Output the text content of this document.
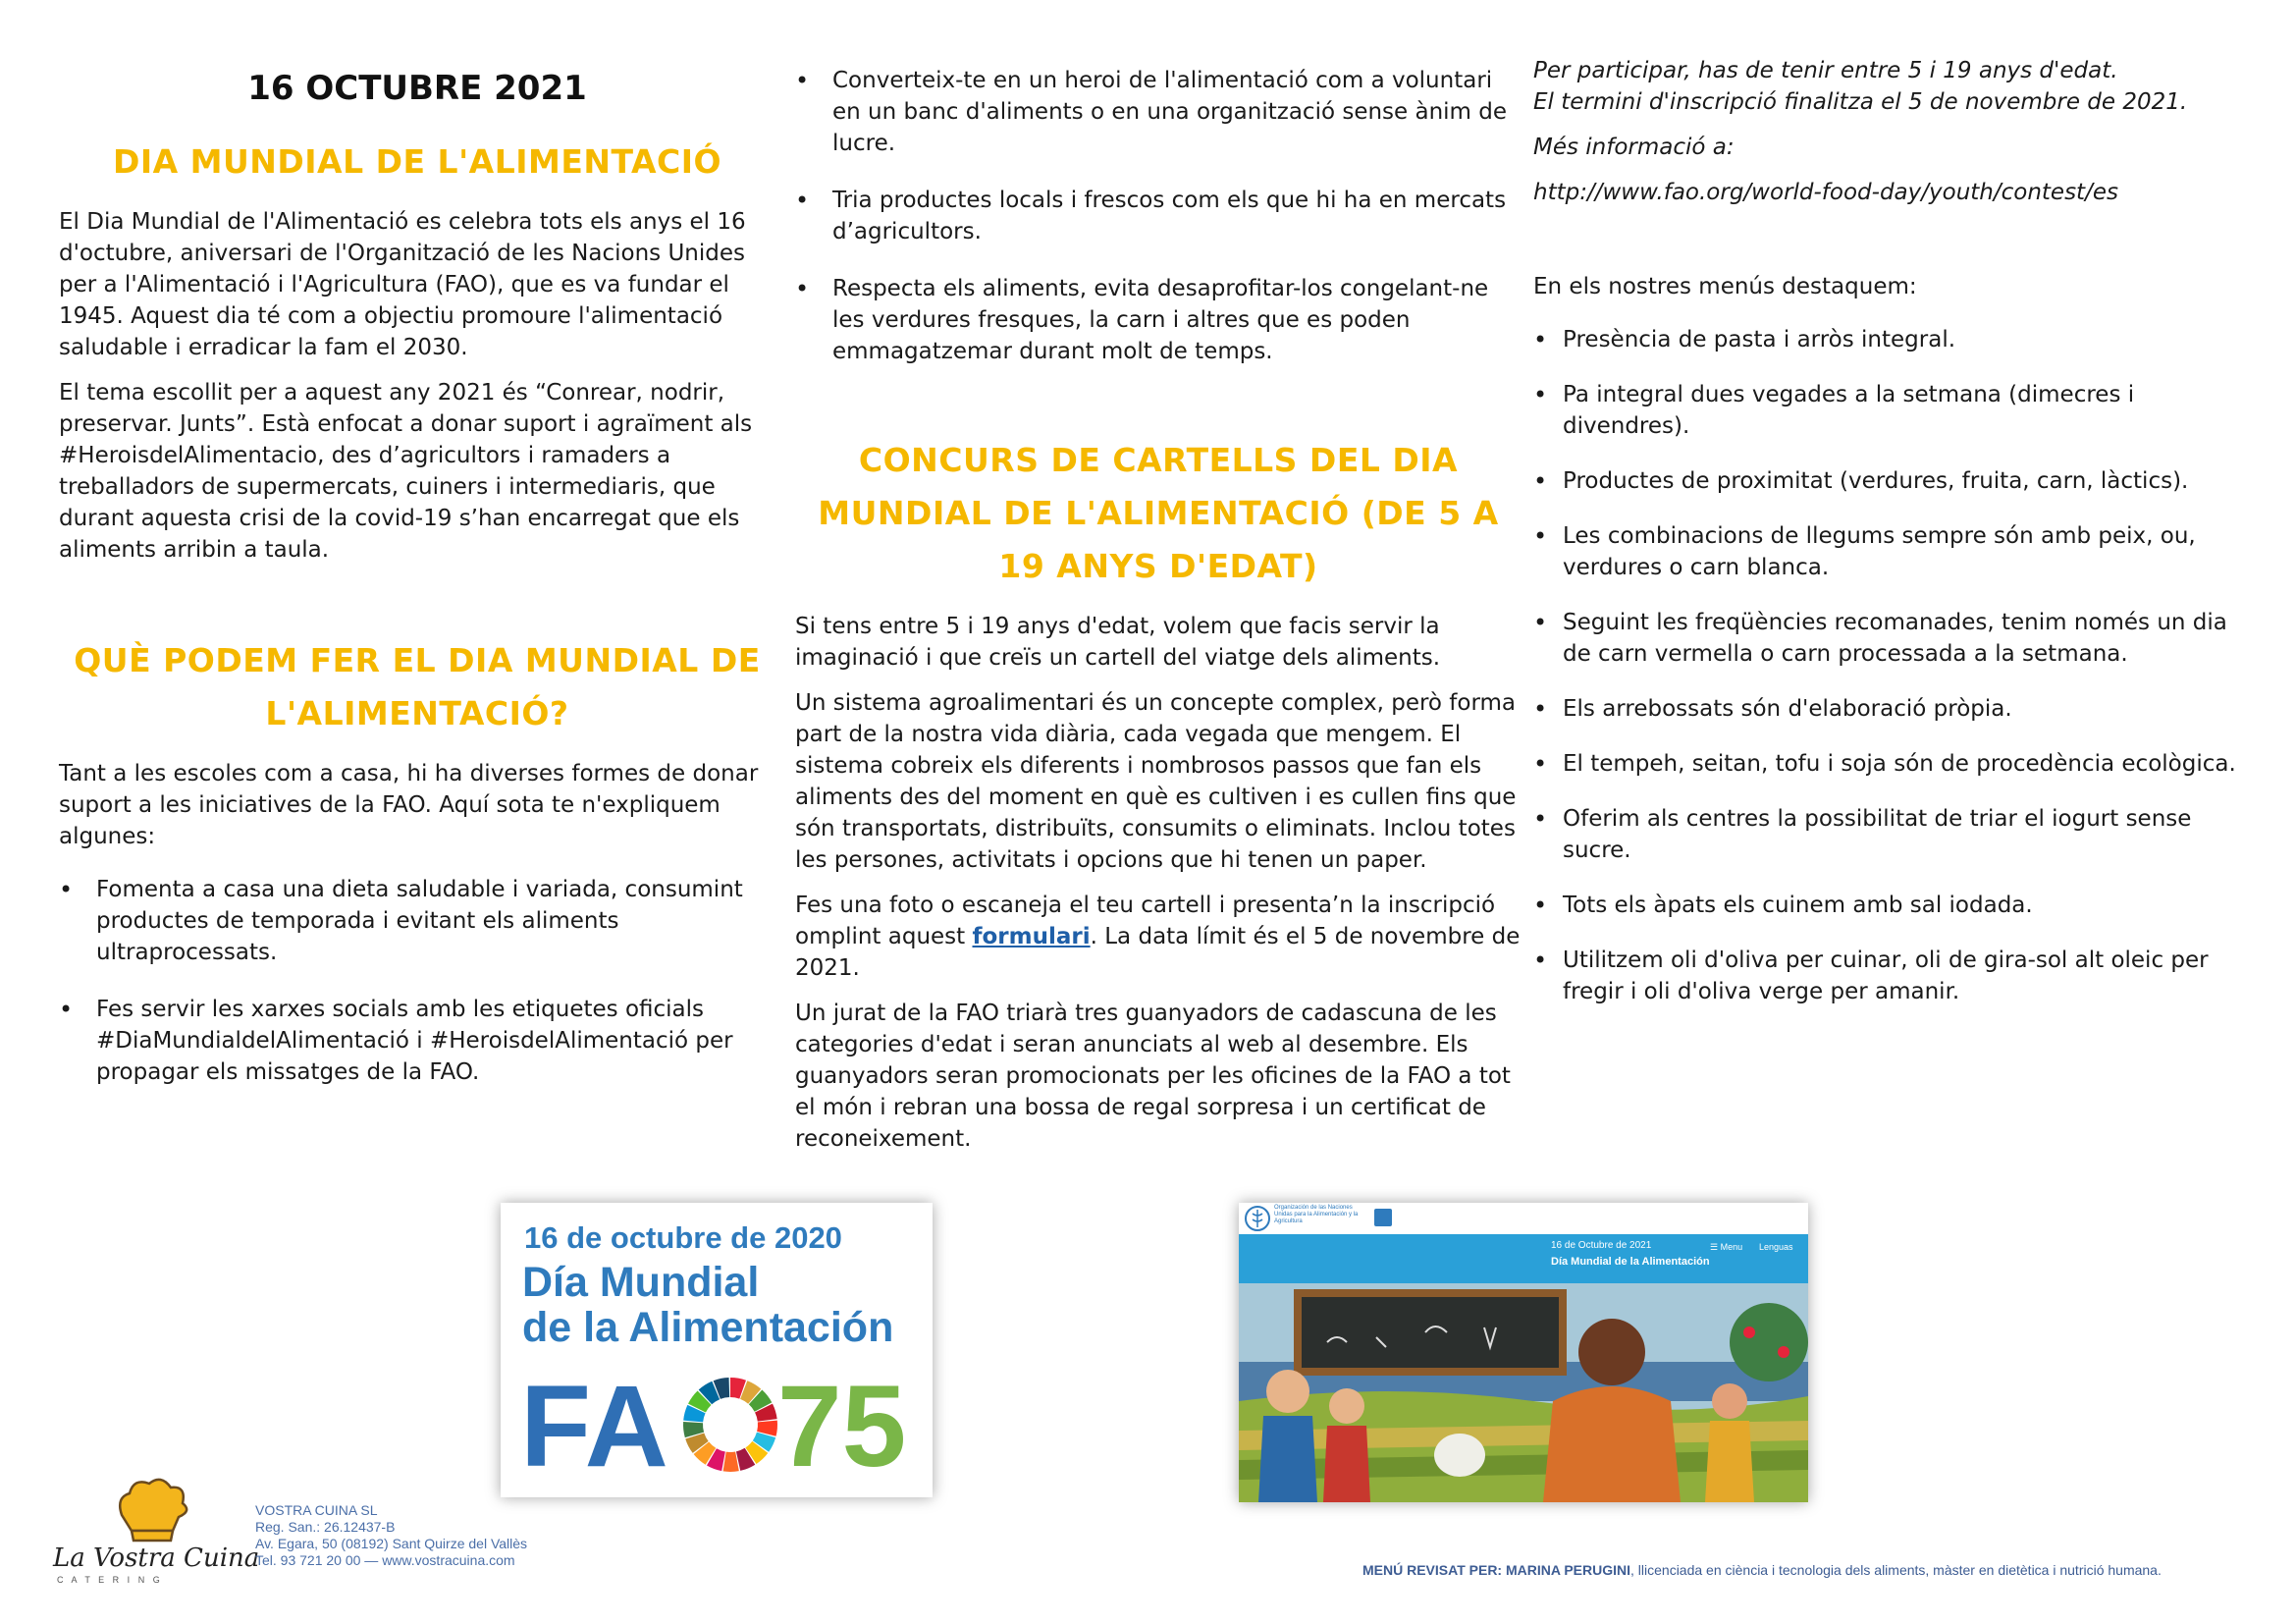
16 OCTUBRE 2021
DIA MUNDIAL DE L'ALIMENTACIÓ

El Dia Mundial de l'Alimentació es celebra tots els anys el 16 d'octubre, aniversari de l'Organització de les Nacions Unides per a l'Alimentació i l'Agricultura (FAO), que es va fundar el 1945. Aquest dia té com a objectiu promoure l'alimentació saludable i erradicar la fam el 2030.

El tema escollit per a aquest any 2021 és “Conrear, nodrir, preservar. Junts”. Està enfocat a donar suport i agraïment als #HeroisdelAlimentacio, des d’agricultors i ramaders a treballadors de supermercats, cuiners i intermediaris, que durant aquesta crisi de la covid-19 s’han encarregat que els aliments arribin a taula.

QUÈ PODEM FER EL DIA MUNDIAL DE L'ALIMENTACIÓ?

Tant a les escoles com a casa, hi ha diverses formes de donar suport a les iniciatives de la FAO. Aquí sota te n'expliquem algunes:

• Fomenta a casa una dieta saludable i variada, consumint productes de temporada i evitant els aliments ultraprocessats.
• Fes servir les xarxes socials amb les etiquetes oficials #DiaMundialdelAlimentació i #HeroisdelAlimentació per propagar els missatges de la FAO.
• Converteix-te en un heroi de l'alimentació com a voluntari en un banc d'aliments o en una organització sense ànim de lucre.
• Tria productes locals i frescos com els que hi ha en mercats d’agricultors.
• Respecta els aliments, evita desaprofitar-los congelant-ne les verdures fresques, la carn i altres que es poden emmagatzemar durant molt de temps.
CONCURS DE CARTELLS DEL DIA MUNDIAL DE L'ALIMENTACIÓ (DE 5 A 19 ANYS D'EDAT)

Si tens entre 5 i 19 anys d'edat, volem que facis servir la imaginació i que creïs un cartell del viatge dels aliments.

Un sistema agroalimentari és un concepte complex, però forma part de la nostra vida diària, cada vegada que mengem. El sistema cobreix els diferents i nombrosos passos que fan els aliments des del moment en què es cultiven i es cullen fins que són transportats, distribuïts, consumits o eliminats. Inclou totes les persones, activitats i opcions que hi tenen un paper.

Fes una foto o escaneja el teu cartell i presenta’n la inscripció omplint aquest formulari. La data límit és el 5 de novembre de 2021.

Un jurat de la FAO triarà tres guanyadors de cadascuna de les categories d'edat i seran anunciats al web al desembre. Els guanyadors seran promocionats per les oficines de la FAO a tot el món i rebran una bossa de regal sorpresa i un certificat de reconeixement.

Per participar, has de tenir entre 5 i 19 anys d'edat.
El termini d'inscripció finalitza el 5 de novembre de 2021.

Més informació a:

http://www.fao.org/world-food-day/youth/contest/es

En els nostres menús destaquem:

• Presència de pasta i arròs integral.
• Pa integral dues vegades a la setmana (dimecres i divendres).
• Productes de proximitat (verdures, fruita, carn, làctics).
• Les combinacions de llegums sempre són amb peix, ou, verdures o carn blanca.
• Seguint les freqüències recomanades, tenim només un dia de carn vermella o carn processada a la setmana.
• Els arrebossats són d'elaboració pròpia.
• El tempeh, seitan, tofu i soja són de procedència ecològica.
• Oferim als centres la possibilitat de triar el iogurt sense sucre.
• Tots els àpats els cuinem amb sal iodada.
• Utilitzem oli d'oliva per cuinar, oli de gira-sol alt oleic per fregir i oli d'oliva verge per amanir.
16 de octubre de 2020
Día Mundial
de la Alimentación
FA 75
Organización de las Naciones Unidas para la Alimentación y la Agricultura
16 de Octubre de 2021
Día Mundial de la Alimentación
☰ Menu Lenguas
La Vostra Cuina
C A T E R I N G
VOSTRA CUINA SL
Reg. San.: 26.12437-B
Av. Egara, 50 (08192) Sant Quirze del Vallès
Tel. 93 721 20 00 — www.vostracuina.com
MENÚ REVISAT PER: MARINA PERUGINI, llicenciada en ciència i tecnologia dels aliments, màster en dietètica i nutrició humana.
